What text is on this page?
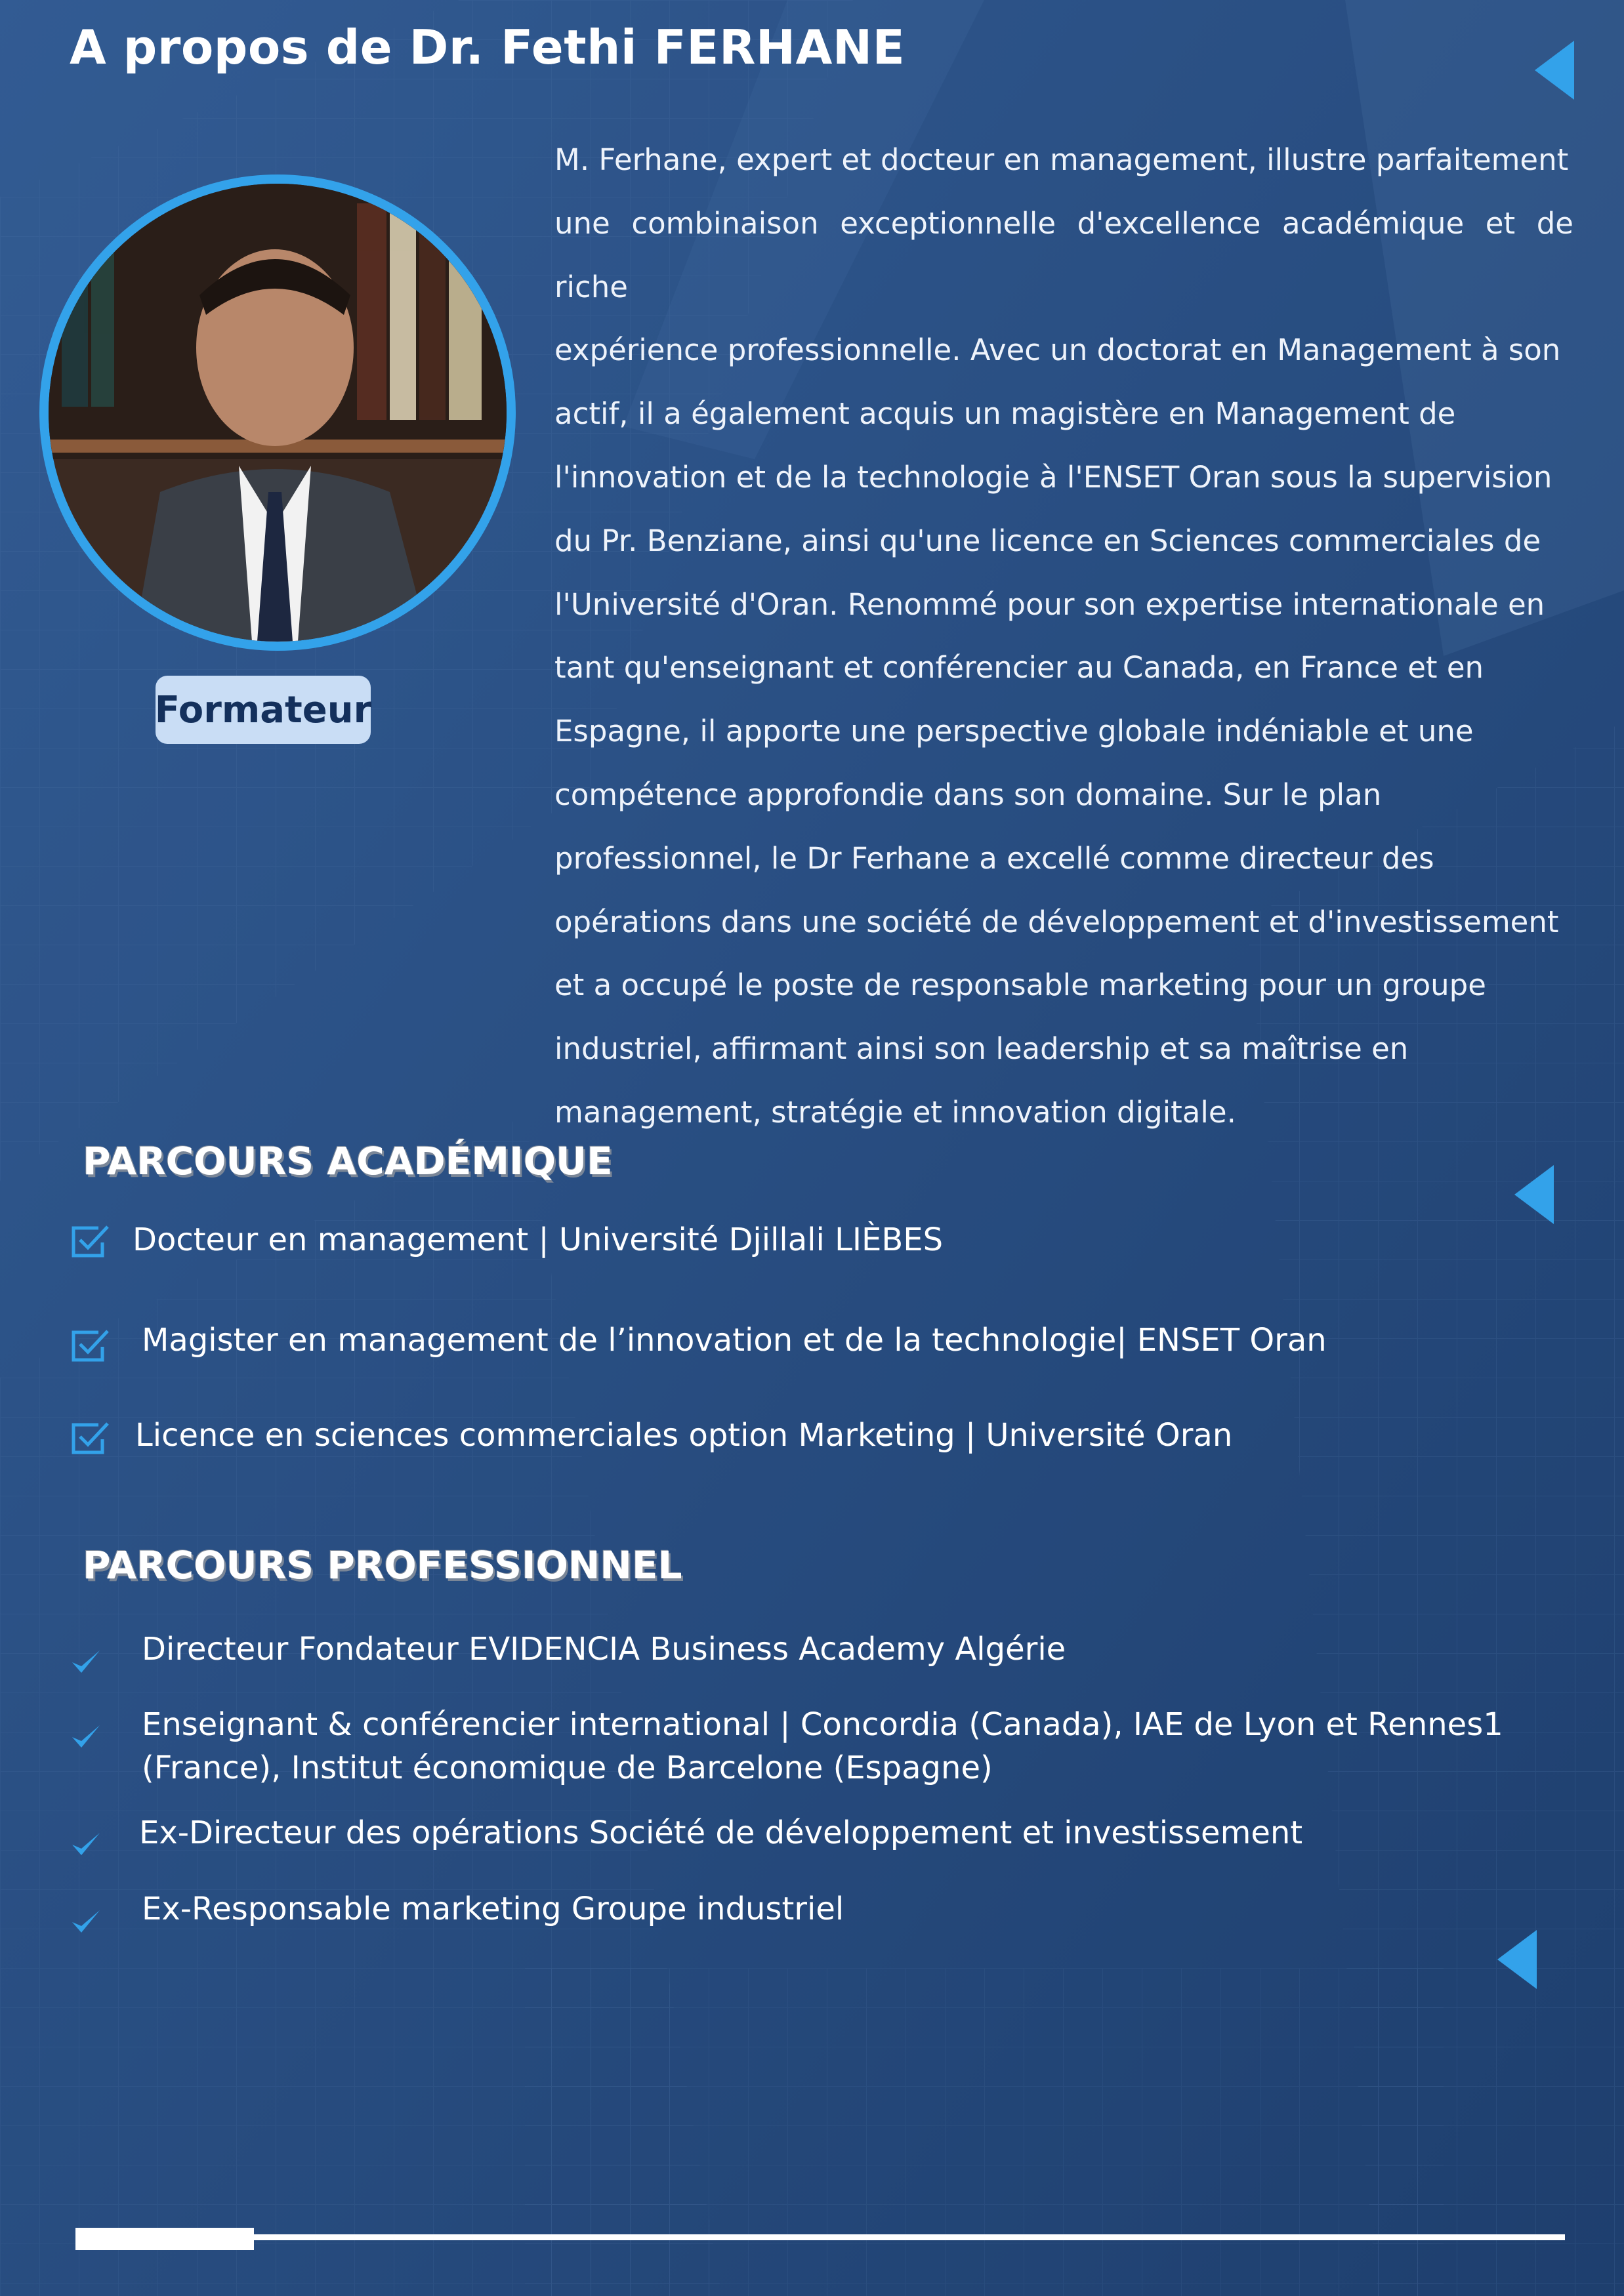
A propos de Dr. Fethi FERHANE
Formateur
M. Ferhane, expert et docteur en management, illustre parfaitement
une combinaison exceptionnelle d'excellence académique et de riche
expérience professionnelle. Avec un doctorat en Management à son
actif, il a également acquis un magistère en Management de
l'innovation et de la technologie à l'ENSET Oran sous la supervision
du Pr. Benziane, ainsi qu'une licence en Sciences commerciales de
l'Université d'Oran. Renommé pour son expertise internationale en
tant qu'enseignant et conférencier au Canada, en France et en
Espagne, il apporte une perspective globale indéniable et une
compétence approfondie dans son domaine. Sur le plan
professionnel, le Dr Ferhane a excellé comme directeur des
opérations dans une société de développement et d'investissement
et a occupé le poste de responsable marketing pour un groupe
industriel, affirmant ainsi son leadership et sa maîtrise en
management, stratégie et innovation digitale.
PARCOURS ACADÉMIQUE
Docteur en management | Université Djillali LIÈBES
Magister en management de l’innovation et de la technologie| ENSET Oran
Licence en sciences commerciales option Marketing | Université Oran
PARCOURS PROFESSIONNEL
Directeur Fondateur EVIDENCIA Business Academy Algérie
Enseignant & conférencier international | Concordia (Canada), IAE de Lyon et Rennes1 (France), Institut économique de Barcelone (Espagne)
Ex-Directeur des opérations Société de développement et investissement
Ex-Responsable marketing Groupe industriel
